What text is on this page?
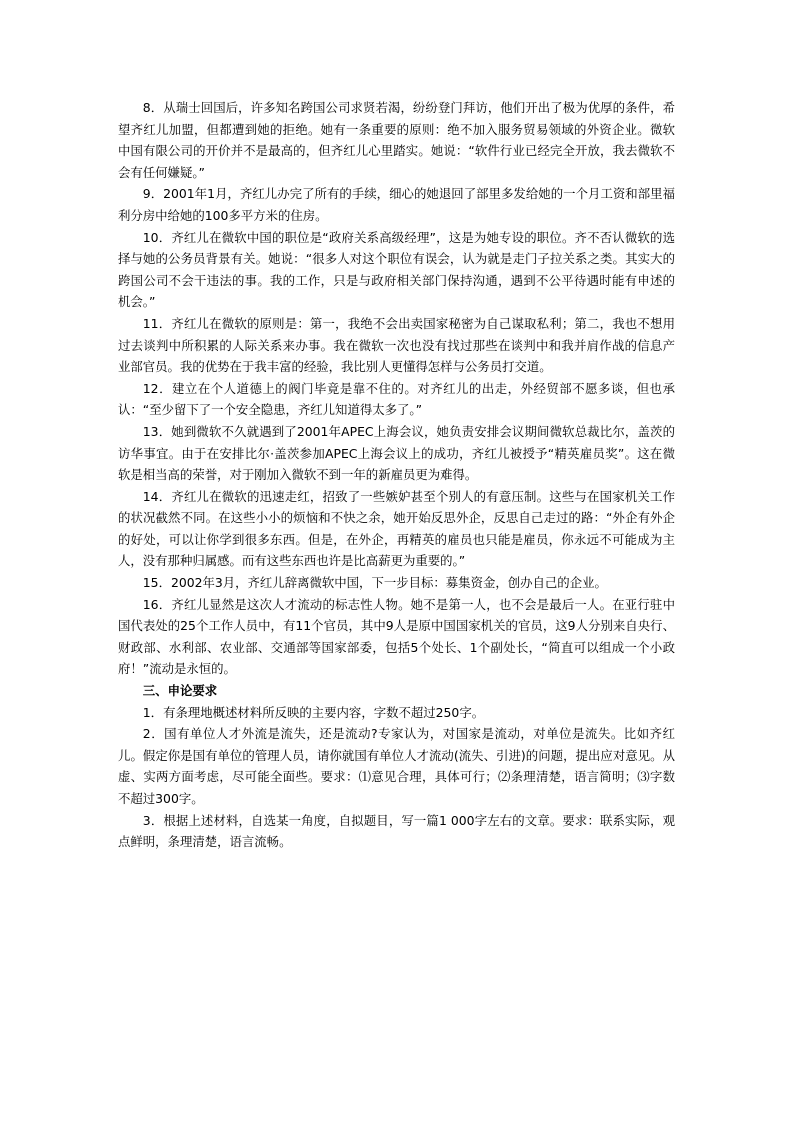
8．从瑞士回国后，许多知名跨国公司求贤若渴，纷纷登门拜访，他们开出了极为优厚的条件，希望齐红儿加盟，但都遭到她的拒绝。她有一条重要的原则：绝不加入服务贸易领域的外资企业。微软中国有限公司的开价并不是最高的，但齐红儿心里踏实。她说：“软件行业已经完全开放，我去微软不会有任何嫌疑。”

9．2001年1月，齐红儿办完了所有的手续，细心的她退回了部里多发给她的一个月工资和部里福利分房中给她的100多平方米的住房。

10．齐红儿在微软中国的职位是“政府关系高级经理”，这是为她专设的职位。齐不否认微软的选择与她的公务员背景有关。她说：“很多人对这个职位有误会，认为就是走门子拉关系之类。其实大的跨国公司不会干违法的事。我的工作，只是与政府相关部门保持沟通，遇到不公平待遇时能有申述的机会。”

11．齐红儿在微软的原则是：第一，我绝不会出卖国家秘密为自己谋取私利；第二，我也不想用过去谈判中所积累的人际关系来办事。我在微软一次也没有找过那些在谈判中和我并肩作战的信息产业部官员。我的优势在于我丰富的经验，我比别人更懂得怎样与公务员打交道。

12．建立在个人道德上的阀门毕竟是靠不住的。对齐红儿的出走，外经贸部不愿多谈，但也承认：“至少留下了一个安全隐患，齐红儿知道得太多了。”

13．她到微软不久就遇到了2001年APEC上海会议，她负责安排会议期间微软总裁比尔，盖茨的访华事宜。由于在安排比尔·盖茨参加APEC上海会议上的成功，齐红儿被授予“精英雇员奖”。这在微软是相当高的荣誉，对于刚加入微软不到一年的新雇员更为难得。

14．齐红儿在微软的迅速走红，招致了一些嫉妒甚至个别人的有意压制。这些与在国家机关工作的状况截然不同。在这些小小的烦恼和不快之余，她开始反思外企，反思自己走过的路：“外企有外企的好处，可以让你学到很多东西。但是，在外企，再精英的雇员也只能是雇员，你永远不可能成为主人，没有那种归属感。而有这些东西也许是比高薪更为重要的。”

15．2002年3月，齐红儿辞离微软中国，下一步目标：募集资金，创办自己的企业。

16．齐红儿显然是这次人才流动的标志性人物。她不是第一人，也不会是最后一人。在亚行驻中国代表处的25个工作人员中，有11个官员，其中9人是原中国国家机关的官员，这9人分别来自央行、财政部、水利部、农业部、交通部等国家部委，包括5个处长、1个副处长，“简直可以组成一个小政府！”流动是永恒的。

三、申论要求

1．有条理地概述材料所反映的主要内容，字数不超过250字。

2．国有单位人才外流是流失，还是流动?专家认为，对国家是流动，对单位是流失。比如齐红儿。假定你是国有单位的管理人员，请你就国有单位人才流动(流失、引进)的问题，提出应对意见。从虚、实两方面考虑，尽可能全面些。要求：⑴意见合理，具体可行；⑵条理清楚，语言简明；⑶字数不超过300字。

3．根据上述材料，自选某一角度，自拟题目，写一篇1 000字左右的文章。要求：联系实际，观点鲜明，条理清楚，语言流畅。
